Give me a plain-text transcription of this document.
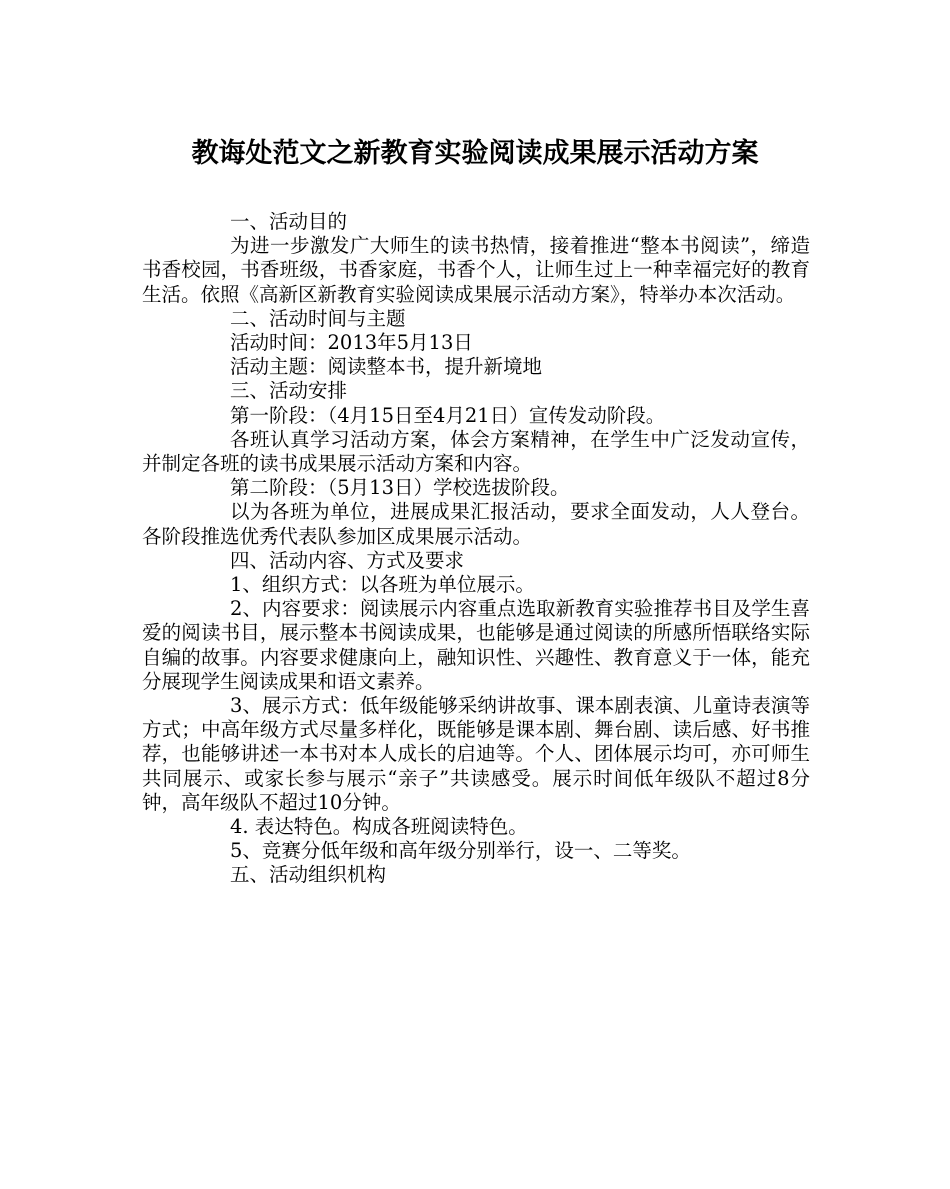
教诲处范文之新教育实验阅读成果展示活动方案

一、活动目的

为进一步激发广大师生的读书热情，接着推进“整本书阅读”，缔造书香校园，书香班级，书香家庭，书香个人，让师生过上一种幸福完好的教育生活。依照《高新区新教育实验阅读成果展示活动方案》，特举办本次活动。

二、活动时间与主题

活动时间：2013年5月13日

活动主题：阅读整本书，提升新境地

三、活动安排

第一阶段：（4月15日至4月21日）宣传发动阶段。

各班认真学习活动方案，体会方案精神，在学生中广泛发动宣传，并制定各班的读书成果展示活动方案和内容。

第二阶段：（5月13日）学校选拔阶段。

以为各班为单位，进展成果汇报活动，要求全面发动，人人登台。各阶段推选优秀代表队参加区成果展示活动。

四、活动内容、方式及要求

1、组织方式：以各班为单位展示。

2、内容要求：阅读展示内容重点选取新教育实验推荐书目及学生喜爱的阅读书目，展示整本书阅读成果，也能够是通过阅读的所感所悟联络实际自编的故事。内容要求健康向上，融知识性、兴趣性、教育意义于一体，能充分展现学生阅读成果和语文素养。

3、展示方式：低年级能够采纳讲故事、课本剧表演、儿童诗表演等方式；中高年级方式尽量多样化，既能够是课本剧、舞台剧、读后感、好书推荐，也能够讲述一本书对本人成长的启迪等。个人、团体展示均可，亦可师生共同展示、或家长参与展示“亲子”共读感受。展示时间低年级队不超过8分钟，高年级队不超过10分钟。

4. 表达特色。构成各班阅读特色。

5、竞赛分低年级和高年级分别举行，设一、二等奖。

五、活动组织机构
